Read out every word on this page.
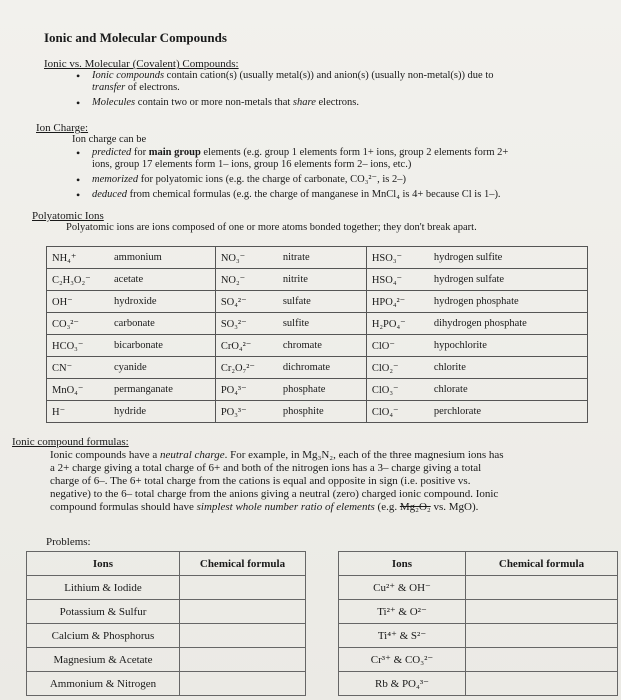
Ionic and Molecular Compounds
Ionic vs. Molecular (Covalent) Compounds:
• Ionic compounds contain cation(s) (usually metal(s)) and anion(s) (usually non-metal(s)) due to
transfer of electrons.
• Molecules contain two or more non-metals that share electrons.
Ion Charge:
Ion charge can be
• predicted for main group elements (e.g. group 1 elements form 1+ ions, group 2 elements form 2+
ions, group 17 elements form 1– ions, group 16 elements form 2– ions, etc.)
• memorized for polyatomic ions (e.g. the charge of carbonate, CO₃²⁻, is 2–)
• deduced from chemical formulas (e.g. the charge of manganese in MnCl₄ is 4+ because Cl is 1–).
Polyatomic Ions
Polyatomic ions are ions composed of one or more atoms bonded together; they don't break apart.
NH₄⁺	ammonium	NO₃⁻	nitrate	HSO₃⁻	hydrogen sulfite
C₂H₃O₂⁻	acetate	NO₂⁻	nitrite	HSO₄⁻	hydrogen sulfate
OH⁻	hydroxide	SO₄²⁻	sulfate	HPO₄²⁻	hydrogen phosphate
CO₃²⁻	carbonate	SO₃²⁻	sulfite	H₂PO₄⁻	dihydrogen phosphate
HCO₃⁻	bicarbonate	CrO₄²⁻	chromate	ClO⁻	hypochlorite
CN⁻	cyanide	Cr₂O₇²⁻	dichromate	ClO₂⁻	chlorite
MnO₄⁻	permanganate	PO₄³⁻	phosphate	ClO₃⁻	chlorate
H⁻	hydride	PO₃³⁻	phosphite	ClO₄⁻	perchlorate
Ionic compound formulas:
Ionic compounds have a neutral charge. For example, in Mg₃N₂, each of the three magnesium ions has
a 2+ charge giving a total charge of 6+ and both of the nitrogen ions has a 3– charge giving a total
charge of 6–. The 6+ total charge from the cations is equal and opposite in sign (i.e. positive vs.
negative) to the 6– total charge from the anions giving a neutral (zero) charged ionic compound. Ionic
compound formulas should have simplest whole number ratio of elements (e.g. Mg₂O₂ vs. MgO).
Problems:
Ions	Chemical formula
Lithium & Iodide	
Potassium & Sulfur	
Calcium & Phosphorus	
Magnesium & Acetate	
Ammonium & Nitrogen	
Ions	Chemical formula
Cu²⁺ & OH⁻	
Ti²⁺ & O²⁻	
Ti⁴⁺ & S²⁻	
Cr³⁺ & CO₃²⁻	
Rb & PO₄³⁻	
